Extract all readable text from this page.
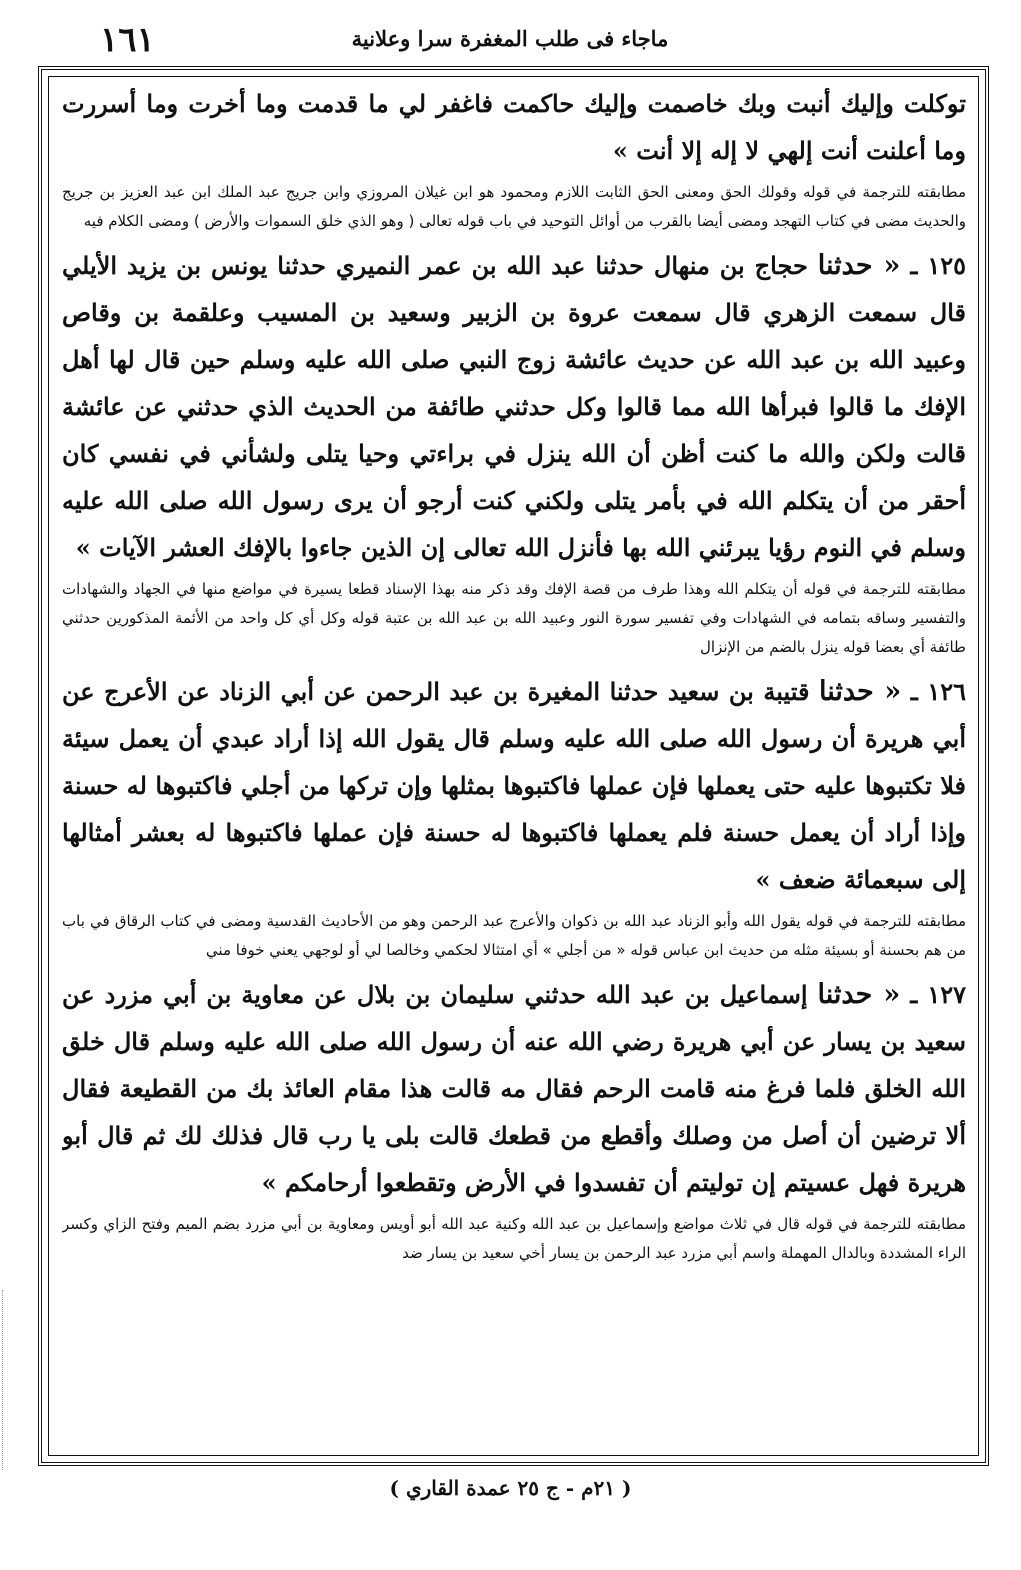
١٦١	ماجاء فى طلب المغفرة سرا وعلانية

توكلت وإليك أنبت وبك خاصمت وإليك حاكمت فاغفر لي ما قدمت وما أخرت وما أسررت وما أعلنت أنت إلهي لا إله إلا أنت »

مطابقته للترجمة في قوله وقولك الحق ومعنى الحق الثابت اللازم ومحمود هو ابن غيلان المروزي وابن جريج عبد الملك ابن عبد العزيز بن جريج والحديث مضى في كتاب التهجد ومضى أيضا بالقرب من أوائل التوحيد في باب قوله تعالى ( وهو الذي خلق السموات والأرض ) ومضى الكلام فيه

١٢٥ ـ « حدثنا حجاج بن منهال حدثنا عبد الله بن عمر النميري حدثنا يونس بن يزيد الأيلي قال سمعت الزهري قال سمعت عروة بن الزبير وسعيد بن المسيب وعلقمة بن وقاص وعبيد الله بن عبد الله عن حديث عائشة زوج النبي صلى الله عليه وسلم حين قال لها أهل الإفك ما قالوا فبرأها الله مما قالوا وكل حدثني طائفة من الحديث الذي حدثني عن عائشة قالت ولكن والله ما كنت أظن أن الله ينزل في براءتي وحيا يتلى ولشأني في نفسي كان أحقر من أن يتكلم الله في بأمر يتلى ولكني كنت أرجو أن يرى رسول الله صلى الله عليه وسلم في النوم رؤيا يبرئني الله بها فأنزل الله تعالى إن الذين جاءوا بالإفك العشر الآيات »

مطابقته للترجمة في قوله أن يتكلم الله وهذا طرف من قصة الإفك وقد ذكر منه بهذا الإسناد قطعا يسيرة في مواضع منها في الجهاد والشهادات والتفسير وساقه بتمامه في الشهادات وفي تفسير سورة النور وعبيد الله بن عبد الله بن عتبة قوله وكل أي كل واحد من الأئمة المذكورين حدثني طائفة أي بعضا قوله ينزل بالضم من الإنزال

١٢٦ ـ « حدثنا قتيبة بن سعيد حدثنا المغيرة بن عبد الرحمن عن أبي الزناد عن الأعرج عن أبي هريرة أن رسول الله صلى الله عليه وسلم قال يقول الله إذا أراد عبدي أن يعمل سيئة فلا تكتبوها عليه حتى يعملها فإن عملها فاكتبوها بمثلها وإن تركها من أجلي فاكتبوها له حسنة وإذا أراد أن يعمل حسنة فلم يعملها فاكتبوها له حسنة فإن عملها فاكتبوها له بعشر أمثالها إلى سبعمائة ضعف »

مطابقته للترجمة في قوله يقول الله وأبو الزناد عبد الله بن ذكوان والأعرج عبد الرحمن وهو من الأحاديث القدسية ومضى في كتاب الرقاق في باب من هم بحسنة أو بسيئة مثله من حديث ابن عباس قوله « من أجلي » أي امتثالا لحكمي وخالصا لي أو لوجهي يعني خوفا مني

١٢٧ ـ « حدثنا إسماعيل بن عبد الله حدثني سليمان بن بلال عن معاوية بن أبي مزرد عن سعيد بن يسار عن أبي هريرة رضي الله عنه أن رسول الله صلى الله عليه وسلم قال خلق الله الخلق فلما فرغ منه قامت الرحم فقال مه قالت هذا مقام العائذ بك من القطيعة فقال ألا ترضين أن أصل من وصلك وأقطع من قطعك قالت بلى يا رب قال فذلك لك ثم قال أبو هريرة فهل عسيتم إن توليتم أن تفسدوا في الأرض وتقطعوا أرحامكم »

مطابقته للترجمة في قوله قال في ثلاث مواضع وإسماعيل بن عبد الله وكنية عبد الله أبو أويس ومعاوية بن أبي مزرد بضم الميم وفتح الزاي وكسر الراء المشددة وبالدال المهملة واسم أبي مزرد عبد الرحمن بن يسار أخي سعيد بن يسار ضد

( ٢١م - ج ٢٥ عمدة القاري )
